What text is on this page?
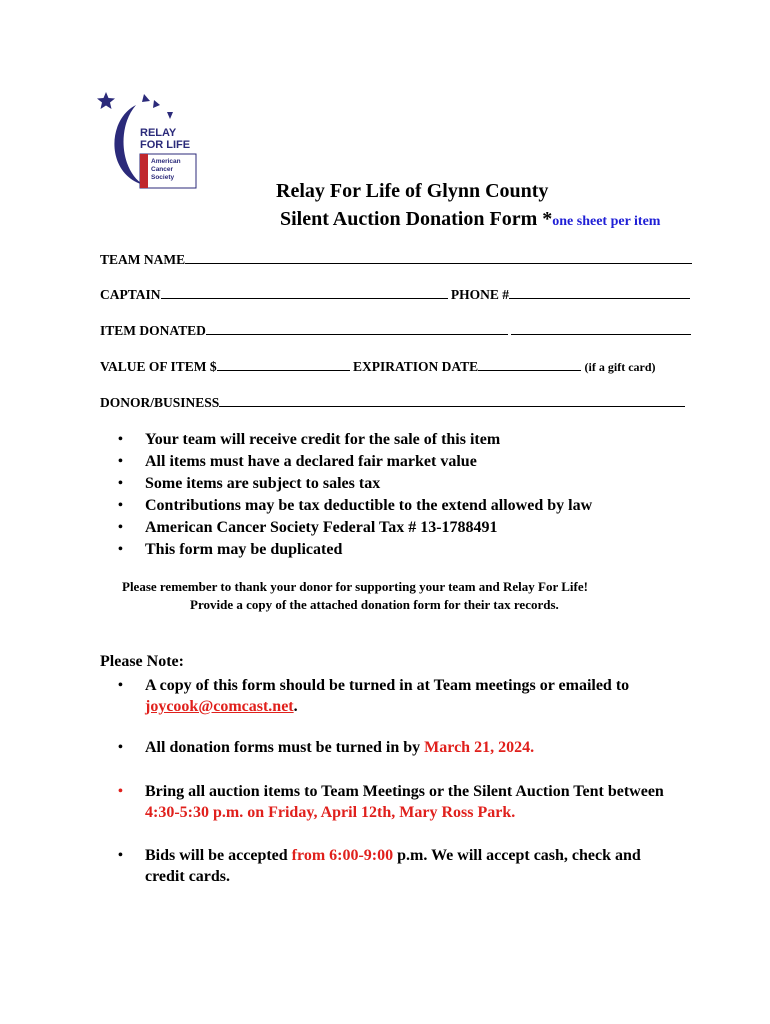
RELAY
FOR LIFE
American
Cancer
Society
Relay For Life of Glynn County
Silent Auction Donation Form *one sheet per item
TEAM NAME
CAPTAIN	PHONE #
ITEM DONATED
VALUE OF ITEM $	EXPIRATION DATE	(if a gift card)
DONOR/BUSINESS
• Your team will receive credit for the sale of this item
• All items must have a declared fair market value
• Some items are subject to sales tax
• Contributions may be tax deductible to the extend allowed by law
• American Cancer Society Federal Tax # 13-1788491
• This form may be duplicated
Please remember to thank your donor for supporting your team and Relay For Life!
Provide a copy of the attached donation form for their tax records.
Please Note:
•	A copy of this form should be turned in at Team meetings or emailed to
joycook@comcast.net.
•	All donation forms must be turned in by March 21, 2024.
•	Bring all auction items to Team Meetings or the Silent Auction Tent between
4:30-5:30 p.m. on Friday, April 12th, Mary Ross Park.
•	Bids will be accepted from 6:00-9:00 p.m. We will accept cash, check and
credit cards.
